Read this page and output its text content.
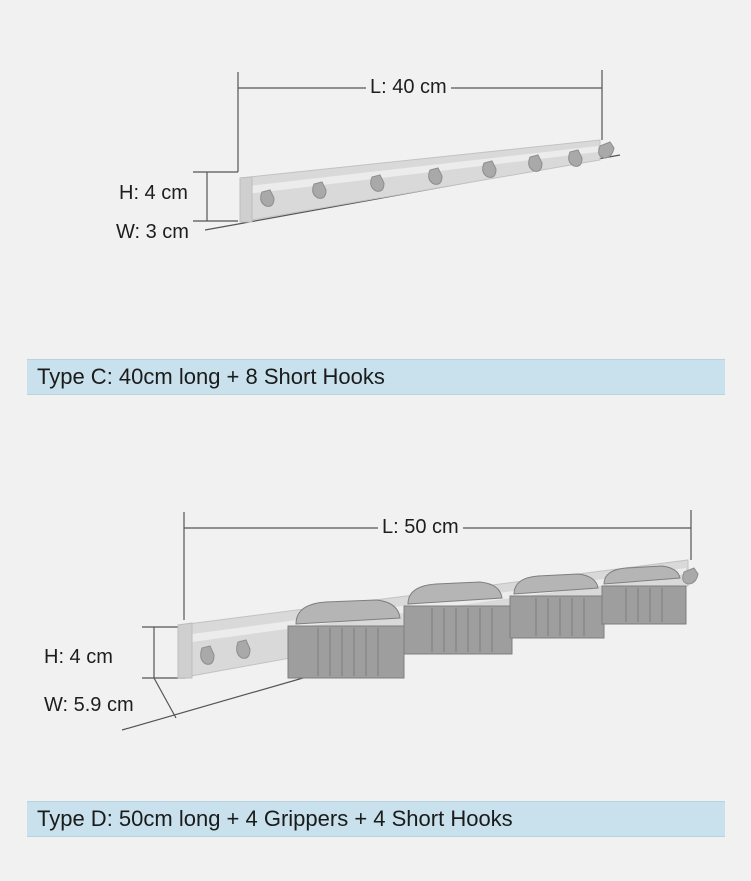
L: 40 cm
H: 4 cm
W: 3 cm
Type C: 40cm long + 8 Short Hooks
L: 50 cm
H: 4 cm
W: 5.9 cm
Type D: 50cm long + 4 Grippers + 4 Short Hooks
